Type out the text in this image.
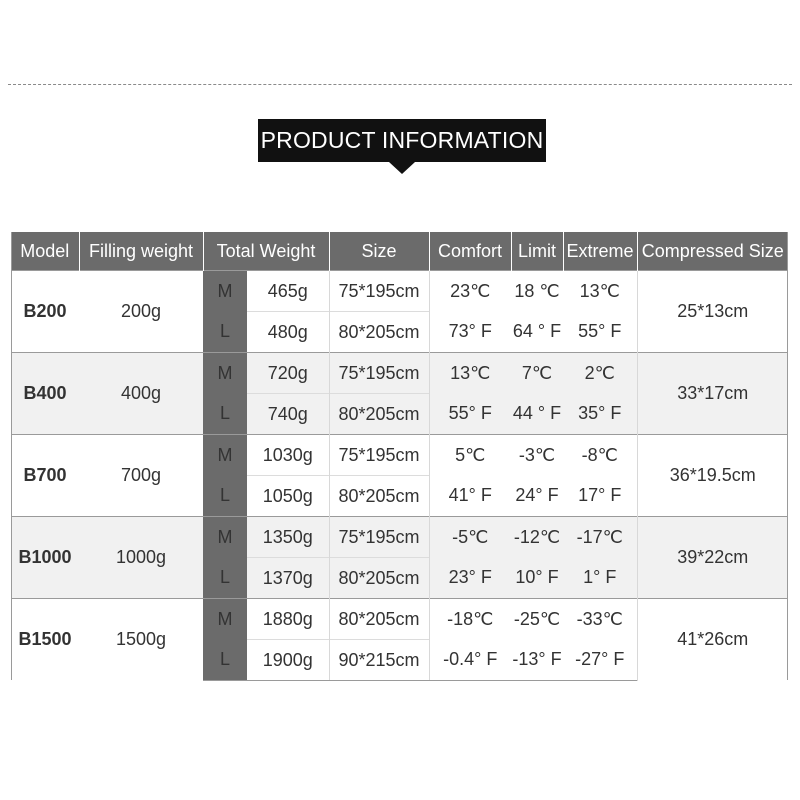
PRODUCT INFORMATION
Model	Filling weight	Total Weight		Size	Comfort	Limit	Extreme	Compressed Size
B200	200g	M	465g	75*195cm	23℃	18 ℃	13℃	25*13cm
		L	480g	80*205cm	73° F	64 ° F	55° F	
B400	400g	M	720g	75*195cm	13℃	7℃	2℃	33*17cm
		L	740g	80*205cm	55° F	44 ° F	35° F	
B700	700g	M	1030g	75*195cm	5℃	-3℃	-8℃	36*19.5cm
		L	1050g	80*205cm	41° F	24° F	17° F	
B1000	1000g	M	1350g	75*195cm	-5℃	-12℃	-17℃	39*22cm
		L	1370g	80*205cm	23° F	10° F	1° F	
B1500	1500g	M	1880g	80*205cm	-18℃	-25℃	-33℃	41*26cm
		L	1900g	90*215cm	-0.4° F	-13° F	-27° F	
